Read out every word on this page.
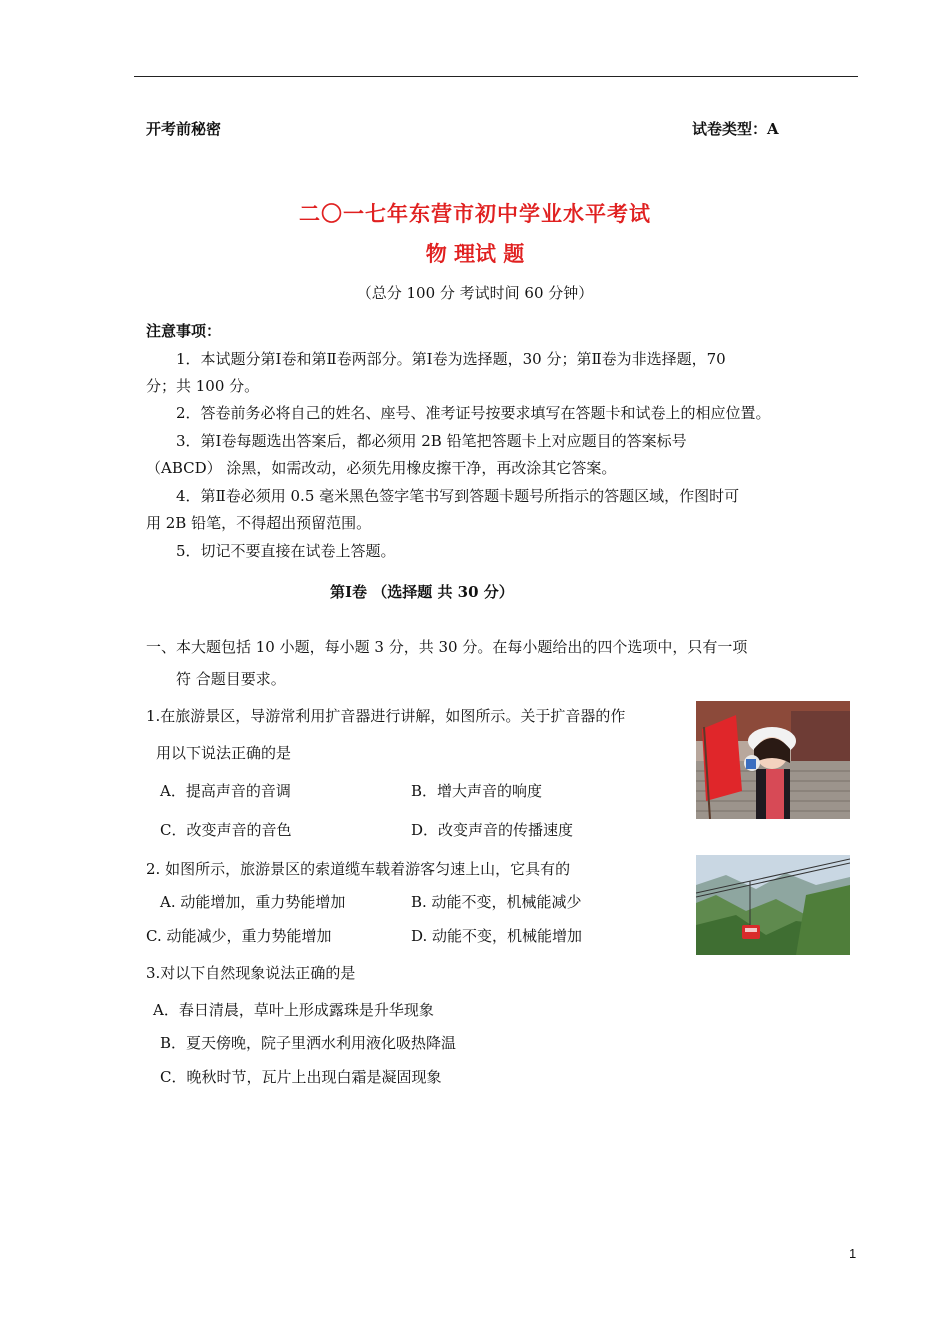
开考前秘密	试卷类型：A
二〇一七年东营市初中学业水平考试
物 理试 题
（总分 100 分 考试时间 60 分钟）
注意事项：
1．本试题分第Ⅰ卷和第Ⅱ卷两部分。第Ⅰ卷为选择题，30 分；第Ⅱ卷为非选择题，70
分；共 100 分。
2．答卷前务必将自己的姓名、座号、准考证号按要求填写在答题卡和试卷上的相应位置。
3．第Ⅰ卷每题选出答案后，都必须用 2B 铅笔把答题卡上对应题目的答案标号
（ABCD） 涂黑，如需改动，必须先用橡皮擦干净，再改涂其它答案。
4．第Ⅱ卷必须用 0.5 毫米黑色签字笔书写到答题卡题号所指示的答题区域，作图时可
用 2B 铅笔，不得超出预留范围。
5．切记不要直接在试卷上答题。
第Ⅰ卷 （选择题 共 30 分）
一、本大题包括 10 小题，每小题 3 分，共 30 分。在每小题给出的四个选项中，只有一项
符 合题目要求。
1.在旅游景区，导游常利用扩音器进行讲解，如图所示。关于扩音器的作
用以下说法正确的是
A．提高声音的音调	B．增大声音的响度
C．改变声音的音色	D．改变声音的传播速度
2. 如图所示，旅游景区的索道缆车载着游客匀速上山，它具有的
A. 动能增加，重力势能增加	B. 动能不变，机械能减少
C. 动能减少，重力势能增加	D. 动能不变，机械能增加
3.对以下自然现象说法正确的是
A．春日清晨，草叶上形成露珠是升华现象
B．夏天傍晚，院子里洒水利用液化吸热降温
C．晚秋时节，瓦片上出现白霜是凝固现象
1
